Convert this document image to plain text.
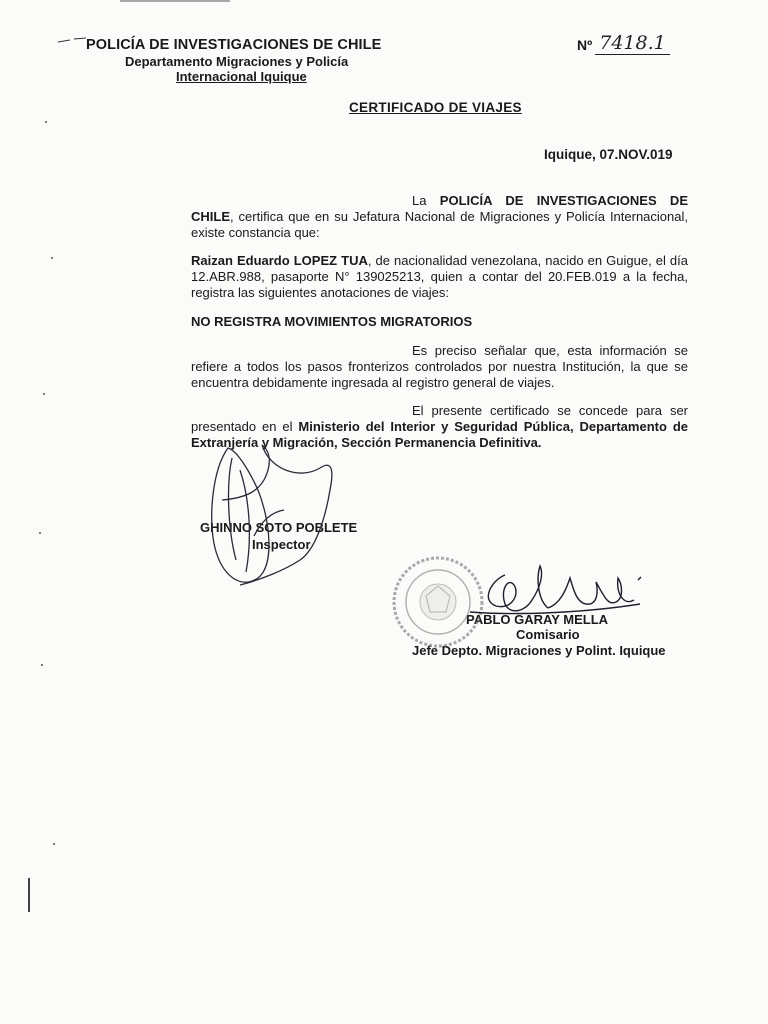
POLICÍA DE INVESTIGACIONES DE CHILE
Departamento Migraciones y Policía
Internacional Iquique
Nº 7418.1
CERTIFICADO DE VIAJES
Iquique, 07.NOV.019
La POLICÍA DE INVESTIGACIONES DE CHILE, certifica que en su Jefatura Nacional de Migraciones y Policía Internacional, existe constancia que:
Raizan Eduardo LOPEZ TUA, de nacionalidad venezolana, nacido en Guigue, el día 12.ABR.988, pasaporte N° 139025213, quien a contar del 20.FEB.019 a la fecha, registra las siguientes anotaciones de viajes:
NO REGISTRA MOVIMIENTOS MIGRATORIOS
Es preciso señalar que, esta información se refiere a todos los pasos fronterizos controlados por nuestra Institución, la que se encuentra debidamente ingresada al registro general de viajes.
El presente certificado se concede para ser presentado en el Ministerio del Interior y Seguridad Pública, Departamento de Extranjería y Migración, Sección Permanencia Definitiva.
GHINNO SOTO POBLETE
Inspector
PABLO GARAY MELLA
Comisario
Jefe Depto. Migraciones y Polint. Iquique
